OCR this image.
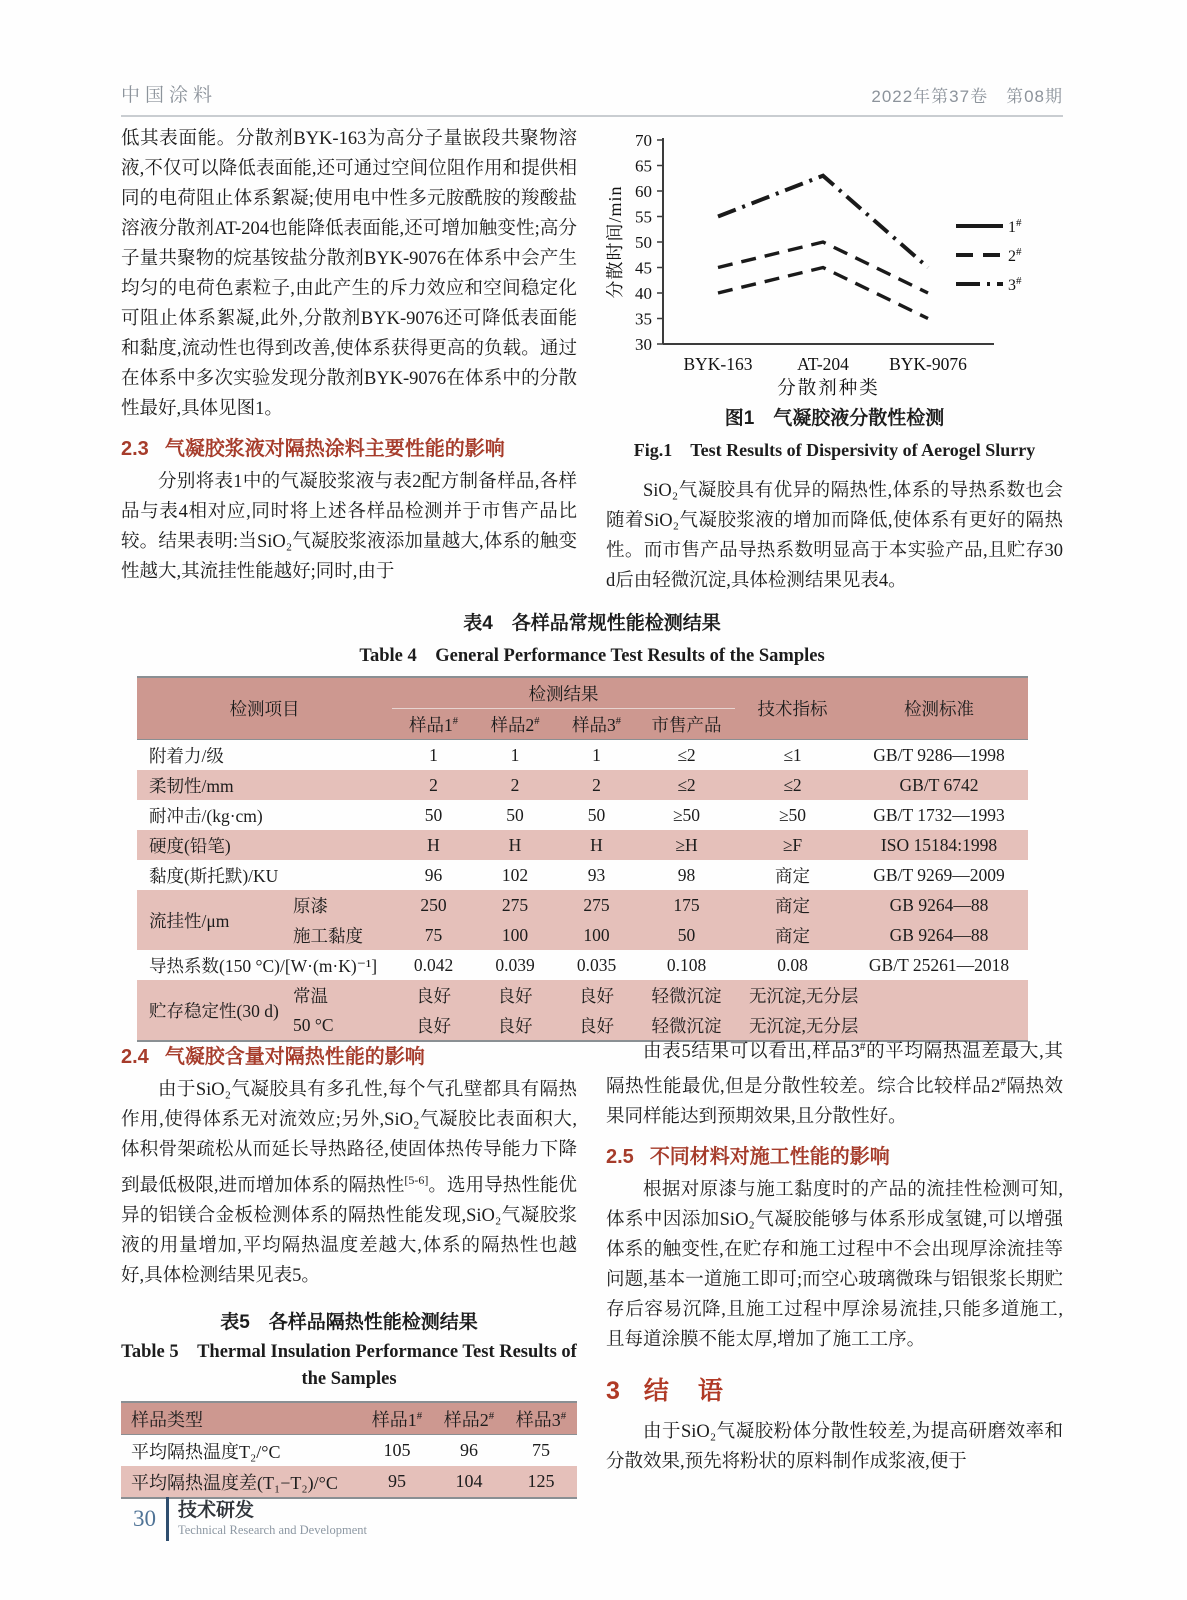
中国涂料	2022年第37卷　第08期

低其表面能。分散剂BYK-163为高分子量嵌段共聚物溶液,不仅可以降低表面能,还可通过空间位阻作用和提供相同的电荷阻止体系絮凝;使用电中性多元胺酰胺的羧酸盐溶液分散剂AT-204也能降低表面能,还可增加触变性;高分子量共聚物的烷基铵盐分散剂BYK-9076在体系中会产生均匀的电荷色素粒子,由此产生的斥力效应和空间稳定化可阻止体系絮凝,此外,分散剂BYK-9076还可降低表面能和黏度,流动性也得到改善,使体系获得更高的负载。通过在体系中多次实验发现分散剂BYK-9076在体系中的分散性最好,具体见图1。

2.3 气凝胶浆液对隔热涂料主要性能的影响

分别将表1中的气凝胶浆液与表2配方制备样品,各样品与表4相对应,同时将上述各样品检测并于市售产品比较。结果表明:当SiO₂气凝胶浆液添加量越大,体系的触变性越大,其流挂性能越好;同时,由于

30
35
40
45
50
55
60
65
70
BYK-163	AT-204 BYK-9076
分散剂种类
分散时间/min	1#
2#
3#
图1　气凝胶液分散性检测
Fig.1　Test Results of Dispersivity of Aerogel Slurry

SiO₂气凝胶具有优异的隔热性,体系的导热系数也会随着SiO₂气凝胶浆液的增加而降低,使体系有更好的隔热性。而市售产品导热系数明显高于本实验产品,且贮存30 d后由轻微沉淀,具体检测结果见表4。

表4　各样品常规性能检测结果
Table 4　General Performance Test Results of the Samples
检测项目		检测结果				技术指标	检测标准
		样品1#	样品2#	样品3#	市售产品		
附着力/级		1	1	1	≤2	≤1	GB/T 9286—1998
柔韧性/mm		2	2	2	≤2	≤2	GB/T 6742
耐冲击/(kg·cm)		50	50	50	≥50	≥50	GB/T 1732—1993
硬度(铅笔)		H	H	H	≥H	≥F	ISO 15184:1998
黏度(斯托默)/KU		96	102	93	98	商定	GB/T 9269—2009
流挂性/μm	原漆	250	275	275	175	商定	GB 9264—88
	施工黏度	75	100	100	50	商定	GB 9264—88
导热系数(150 °C)/[W·(m·K)⁻¹]		0.042	0.039	0.035	0.108	0.08	GB/T 25261—2018
贮存稳定性(30 d)	常温	良好	良好	良好	轻微沉淀	无沉淀,无分层	
	50 °C	良好	良好	良好	轻微沉淀	无沉淀,无分层	
2.4 气凝胶含量对隔热性能的影响

由于SiO₂气凝胶具有多孔性,每个气孔壁都具有隔热作用,使得体系无对流效应;另外,SiO₂气凝胶比表面积大,体积骨架疏松从而延长导热路径,使固体热传导能力下降到最低极限,进而增加体系的隔热性[5-6]。选用导热性能优异的铝镁合金板检测体系的隔热性能发现,SiO₂气凝胶浆液的用量增加,平均隔热温度差越大,体系的隔热性也越好,具体检测结果见表5。

表5　各样品隔热性能检测结果
Table 5　Thermal Insulation Performance Test Results of
the Samples
样品类型	样品1#	样品2#	样品3#
平均隔热温度T₂/°C	105	96	75
平均隔热温度差(T₁−T₂)/°C	95	104	125

由表5结果可以看出,样品3#的平均隔热温差最大,其隔热性能最优,但是分散性较差。综合比较样品2#隔热效果同样能达到预期效果,且分散性好。

2.5 不同材料对施工性能的影响

根据对原漆与施工黏度时的产品的流挂性检测可知,体系中因添加SiO₂气凝胶能够与体系形成氢键,可以增强体系的触变性,在贮存和施工过程中不会出现厚涂流挂等问题,基本一道施工即可;而空心玻璃微珠与铝银浆长期贮存后容易沉降,且施工过程中厚涂易流挂,只能多道施工,且每道涂膜不能太厚,增加了施工工序。

3 结　语

由于SiO₂气凝胶粉体分散性较差,为提高研磨效率和分散效果,预先将粉状的原料制作成浆液,便于

30 技术研发
Technical Research and Development
